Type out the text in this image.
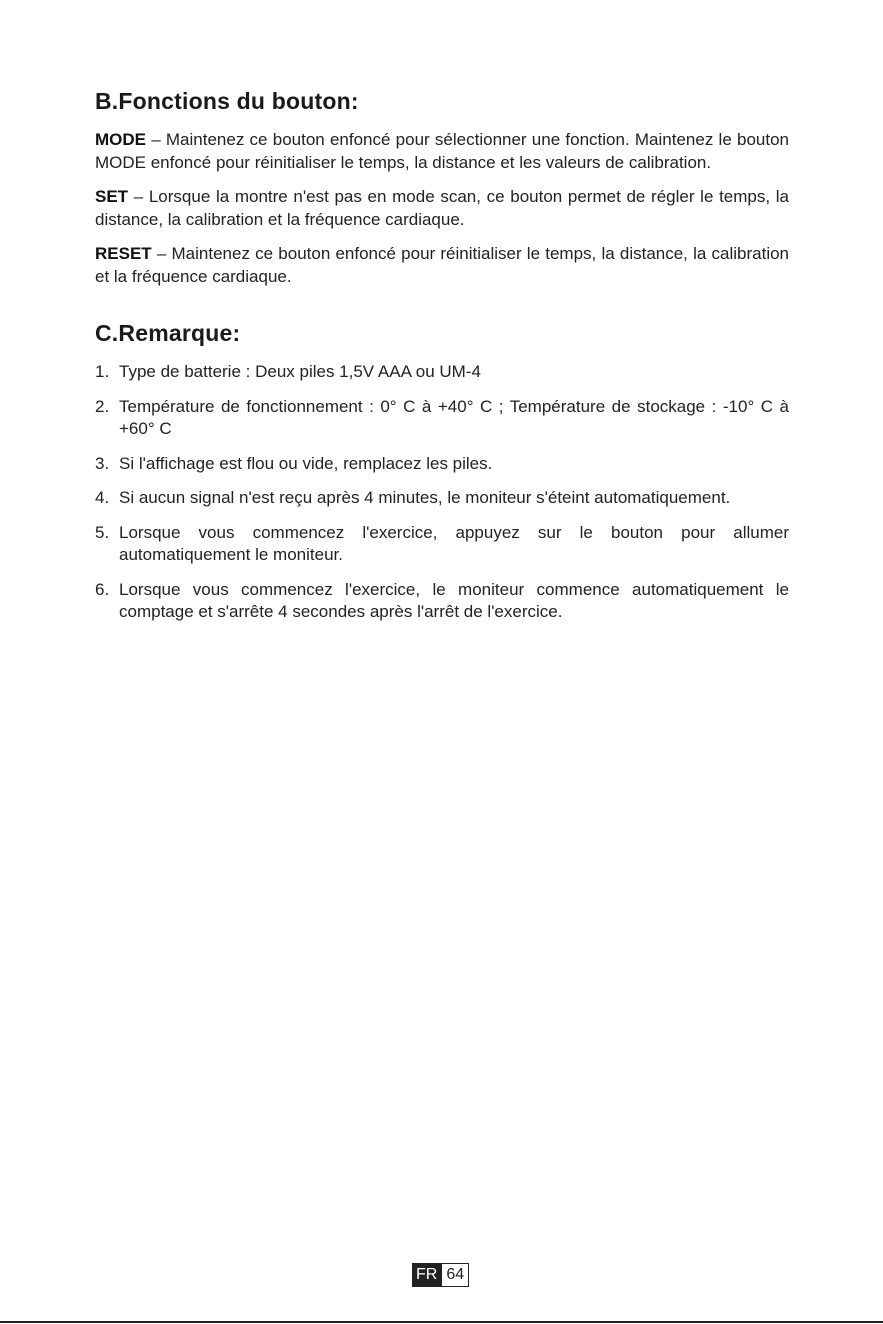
B.Fonctions du bouton:

MODE – Maintenez ce bouton enfoncé pour sélectionner une fonction. Maintenez le bouton MODE enfoncé pour réinitialiser le temps, la distance et les valeurs de calibration.

SET – Lorsque la montre n'est pas en mode scan, ce bouton permet de régler le temps, la distance, la calibration et la fréquence cardiaque.

RESET – Maintenez ce bouton enfoncé pour réinitialiser le temps, la distance, la calibration et la fréquence cardiaque.

C.Remarque:
1. Type de batterie : Deux piles 1,5V AAA ou UM-4
2. Température de fonctionnement : 0° C à +40° C ; Température de stockage : -10° C à +60° C
3. Si l'affichage est flou ou vide, remplacez les piles.
4. Si aucun signal n'est reçu après 4 minutes, le moniteur s'éteint automatiquement.
5. Lorsque vous commencez l'exercice, appuyez sur le bouton pour allumer automatiquement le moniteur.
6. Lorsque vous commencez l'exercice, le moniteur commence automatiquement le comptage et s'arrête 4 secondes après l'arrêt de l'exercice.
FR 64
